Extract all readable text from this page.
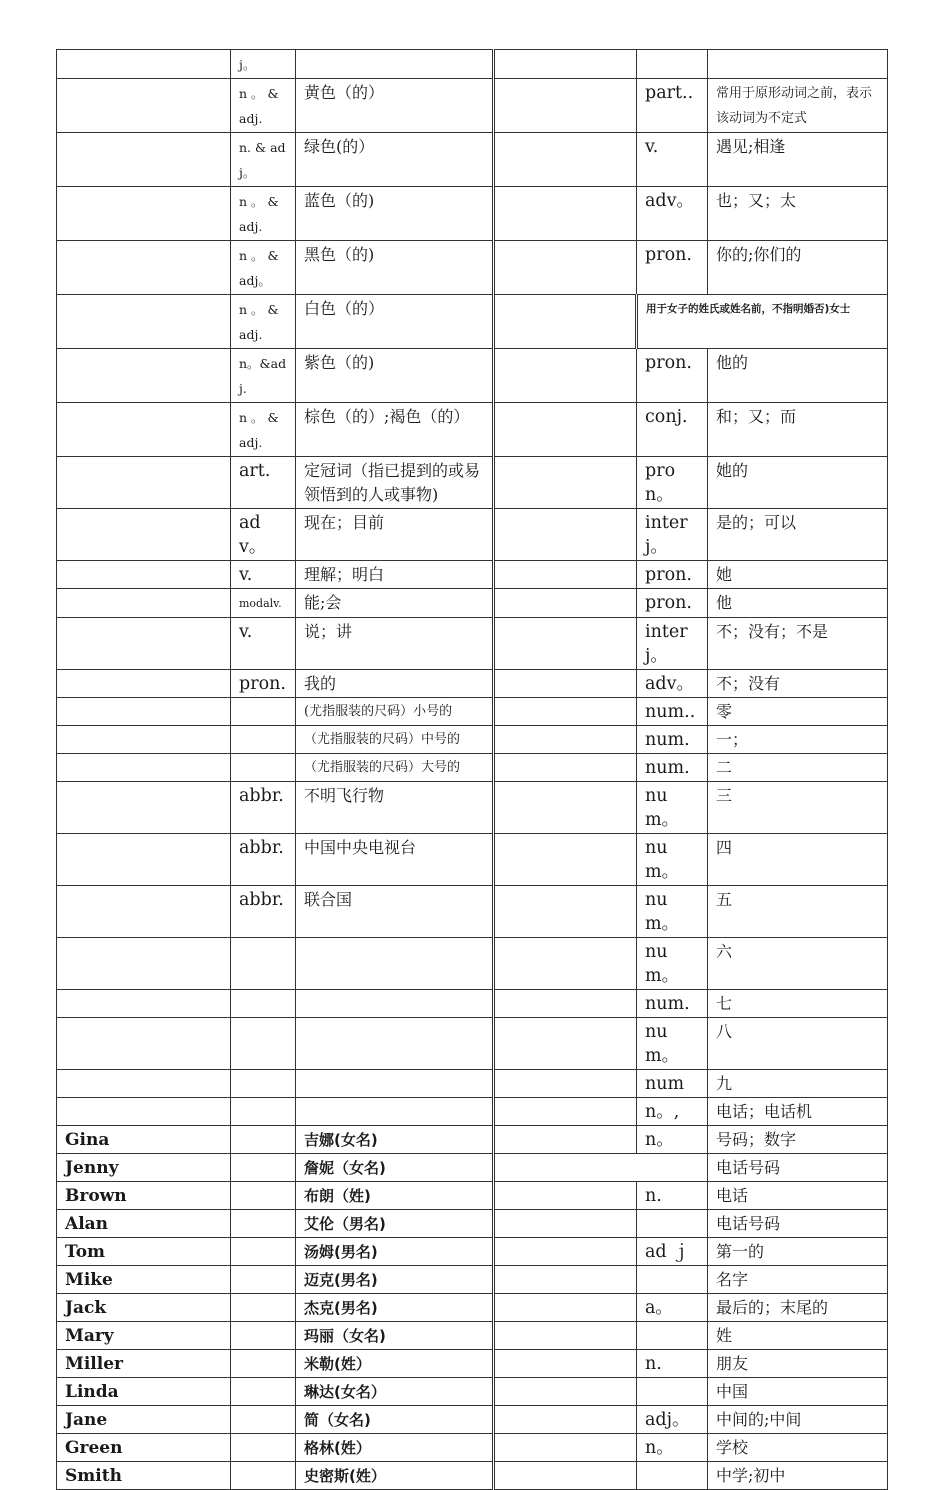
	j。				
	n 。 & adj.	黄色（的）		part..	常用于原形动词之前，表示该动词为不定式
	n. & adj。	绿色(的）		v.	遇见;相逢
	n 。 & adj.	蓝色（的)		adv。	也；又；太
	n 。 & adj。	黑色（的)		pron.	你的;你们的
	n 。 & adj.	白色（的）		用于女子的姓氏或姓名前，不指明婚否)女士	
	n。&adj.	紫色（的)		pron.	他的
	n 。 & adj.	棕色（的）;褐色（的）		conj.	和；又；而
	art.	定冠词（指已提到的或易领悟到的人或事物)		pron。	她的
	adv。	现在；目前		interj。	是的；可以
	v.	理解；明白		pron.	她
	modalv.	能;会		pron.	他
	v.	说；讲		interj。	不；没有；不是
	pron.	我的		adv。	不；没有
		(尤指服装的尺码）小号的		num..	零
		（尤指服装的尺码）中号的		num.	一；
		（尤指服装的尺码）大号的		num.	二
	abbr.	不明飞行物		num。	三
	abbr.	中国中央电视台		num。	四
	abbr.	联合国		num。	五
				num。	六
				num.	七
				num。	八
				num	九
				n。,	电话；电话机
Gina		吉娜(女名)		n。	号码；数字
Jenny		詹妮（女名)			电话号码
Brown		布朗（姓)		n.	电话
Alan		艾伦（男名)			电话号码
Tom		汤姆(男名)		ad ｊ	第一的
Mike		迈克(男名)			名字
Jack		杰克(男名)		a。	最后的；末尾的
Mary		玛丽（女名)			姓
Miller		米勒(姓）		n.	朋友
Linda		琳达(女名）			中国
Jane		简（女名)		adj。	中间的;中间
Green		格林(姓）		n。	学校
Smith		史密斯(姓）			中学;初中
